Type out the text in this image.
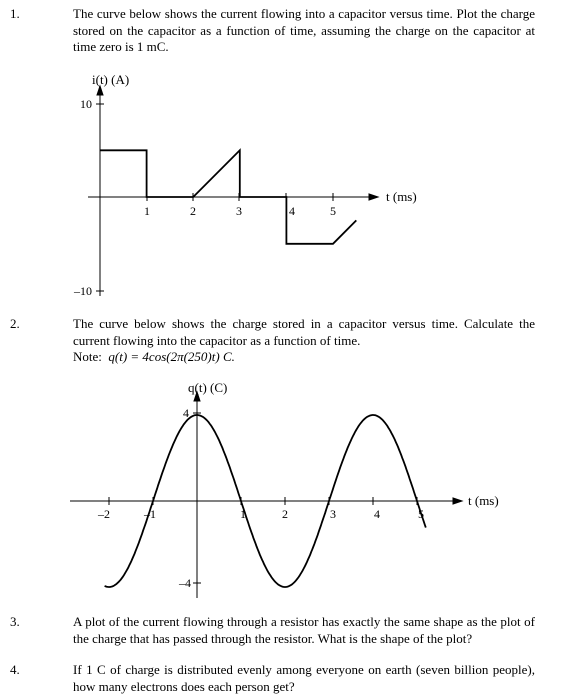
1.	The curve below shows the current flowing into a capacitor versus time. Plot the charge stored on the capacitor as a function of time, assuming the charge on the capacitor at time zero is 1 mC.
i(t) (A)
t (ms)
10
–10
1	2	3	4	5
2.	The curve below shows the charge stored in a capacitor versus time. Calculate the current flowing into the capacitor as a function of time.
Note: q(t) = 4cos(2π(250)t) C.
q(t) (C)
t (ms)
4
–4
–2	–1	1	2	3	4	5
3.	A plot of the current flowing through a resistor has exactly the same shape as the plot of the charge that has passed through the resistor. What is the shape of the plot?
4.	If 1 C of charge is distributed evenly among everyone on earth (seven billion people), how many electrons does each person get?
